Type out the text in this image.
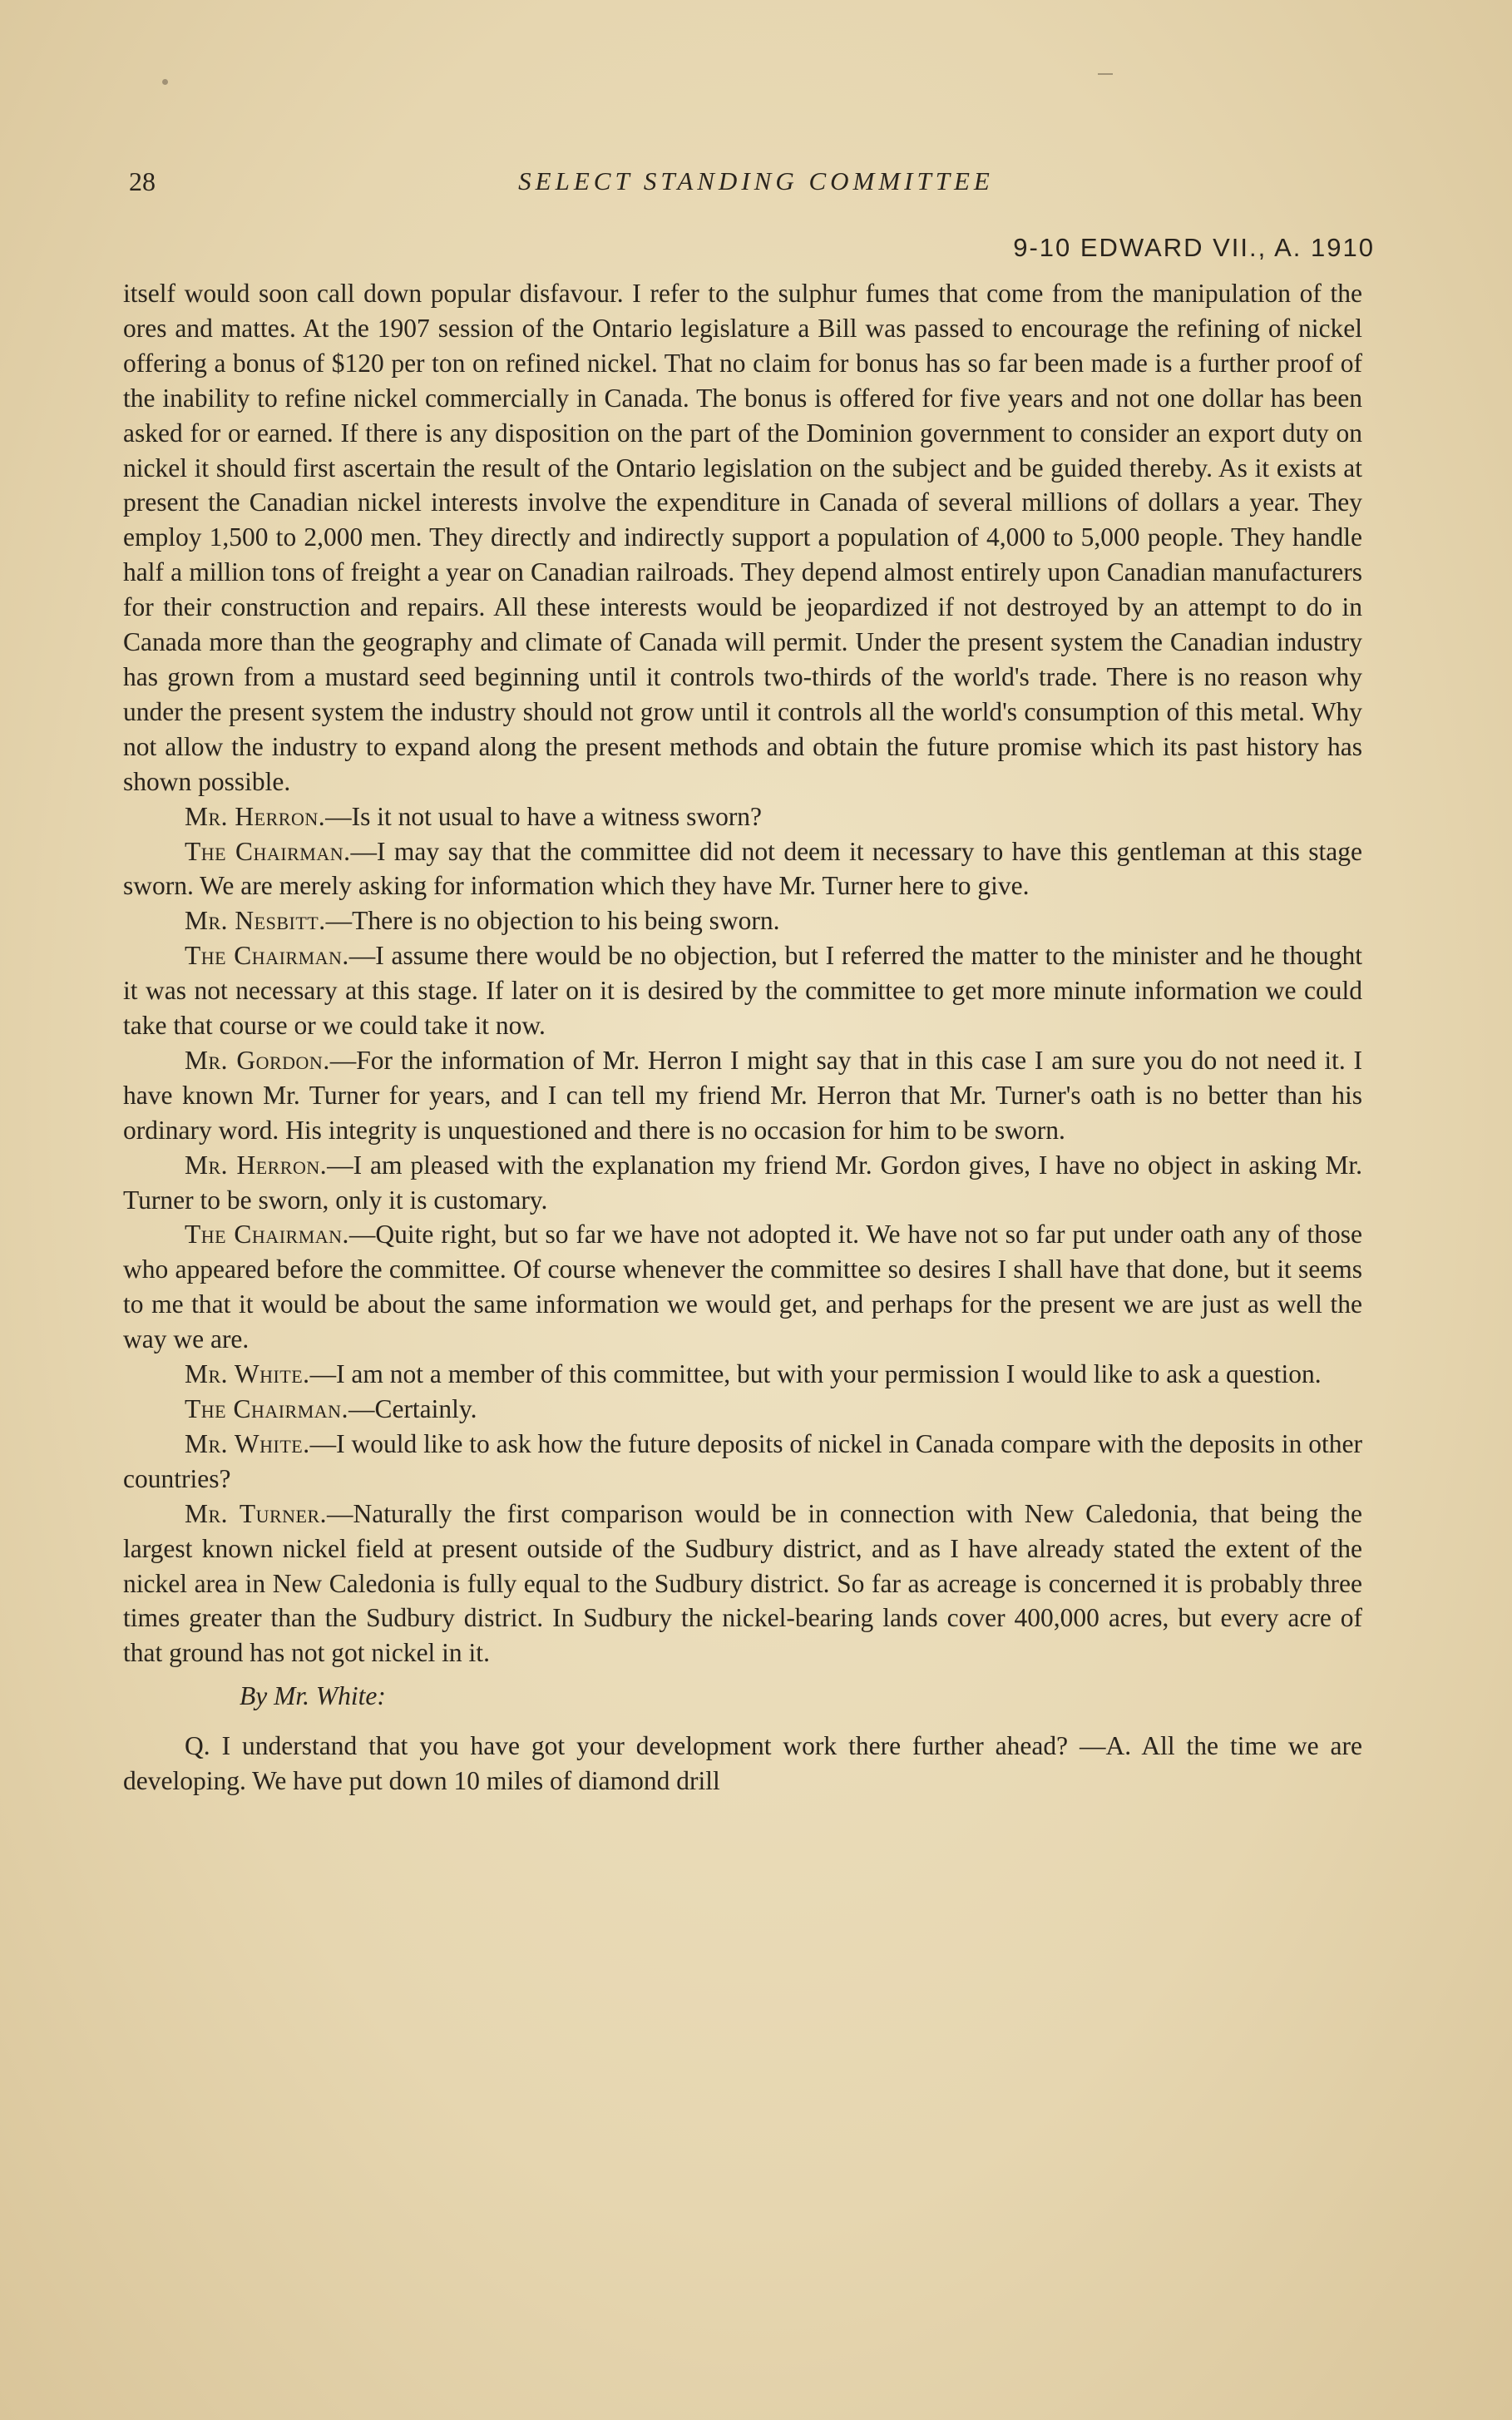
28	SELECT STANDING COMMITTEE
9-10 EDWARD VII., A. 1910

itself would soon call down popular disfavour. I refer to the sulphur fumes that come from the manipulation of the ores and mattes. At the 1907 session of the Ontario legislature a Bill was passed to encourage the refining of nickel offering a bonus of $120 per ton on refined nickel. That no claim for bonus has so far been made is a further proof of the inability to refine nickel commercially in Canada. The bonus is offered for five years and not one dollar has been asked for or earned. If there is any disposition on the part of the Dominion government to consider an export duty on nickel it should first ascertain the result of the Ontario legislation on the subject and be guided thereby. As it exists at present the Canadian nickel interests involve the expenditure in Canada of several millions of dollars a year. They employ 1,500 to 2,000 men. They directly and indirectly support a population of 4,000 to 5,000 people. They handle half a million tons of freight a year on Canadian railroads. They depend almost entirely upon Canadian manufacturers for their construction and repairs. All these interests would be jeopardized if not destroyed by an attempt to do in Canada more than the geography and climate of Canada will permit. Under the present system the Canadian industry has grown from a mustard seed beginning until it controls two-thirds of the world's trade. There is no reason why under the present system the industry should not grow until it controls all the world's consumption of this metal. Why not allow the industry to expand along the present methods and obtain the future promise which its past history has shown possible.

Mr. Herron.—Is it not usual to have a witness sworn?

The Chairman.—I may say that the committee did not deem it necessary to have this gentleman at this stage sworn. We are merely asking for information which they have Mr. Turner here to give.

Mr. Nesbitt.—There is no objection to his being sworn.

The Chairman.—I assume there would be no objection, but I referred the matter to the minister and he thought it was not necessary at this stage. If later on it is desired by the committee to get more minute information we could take that course or we could take it now.

Mr. Gordon.—For the information of Mr. Herron I might say that in this case I am sure you do not need it. I have known Mr. Turner for years, and I can tell my friend Mr. Herron that Mr. Turner's oath is no better than his ordinary word. His integrity is unquestioned and there is no occasion for him to be sworn.

Mr. Herron.—I am pleased with the explanation my friend Mr. Gordon gives, I have no object in asking Mr. Turner to be sworn, only it is customary.

The Chairman.—Quite right, but so far we have not adopted it. We have not so far put under oath any of those who appeared before the committee. Of course whenever the committee so desires I shall have that done, but it seems to me that it would be about the same information we would get, and perhaps for the present we are just as well the way we are.

Mr. White.—I am not a member of this committee, but with your permission I would like to ask a question.

The Chairman.—Certainly.

Mr. White.—I would like to ask how the future deposits of nickel in Canada compare with the deposits in other countries?

Mr. Turner.—Naturally the first comparison would be in connection with New Caledonia, that being the largest known nickel field at present outside of the Sudbury district, and as I have already stated the extent of the nickel area in New Caledonia is fully equal to the Sudbury district. So far as acreage is concerned it is probably three times greater than the Sudbury district. In Sudbury the nickel-bearing lands cover 400,000 acres, but every acre of that ground has not got nickel in it.

By Mr. White:

Q. I understand that you have got your development work there further ahead? —A. All the time we are developing. We have put down 10 miles of diamond drill
